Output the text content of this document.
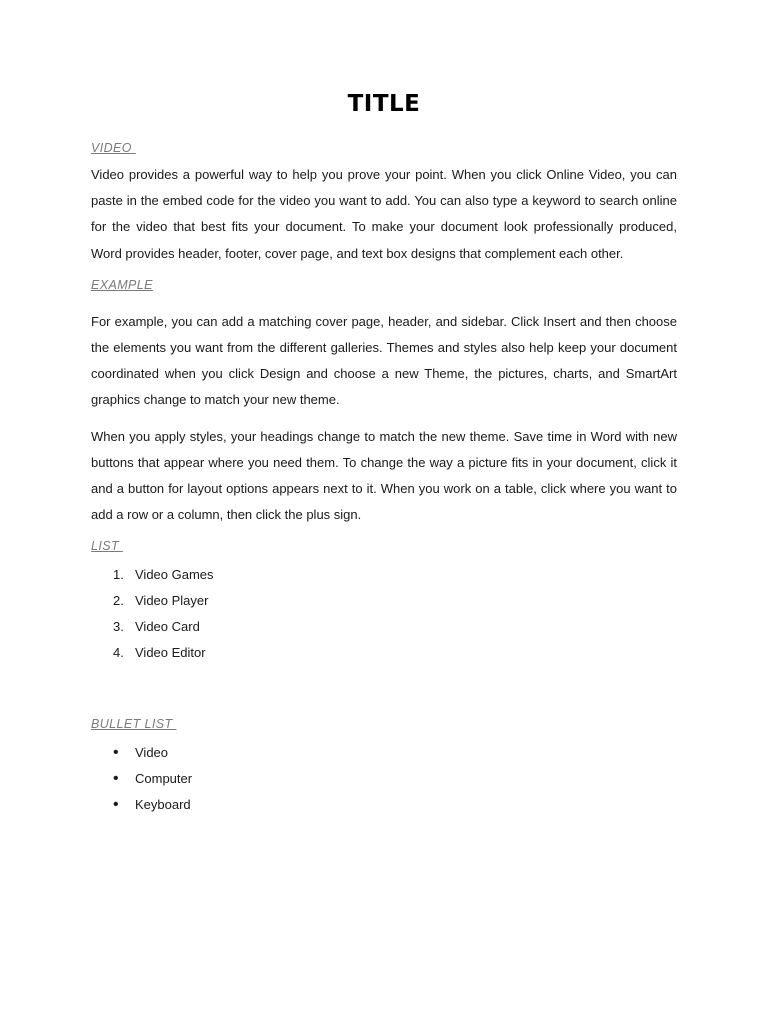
TITLE
VIDEO

Video provides a powerful way to help you prove your point. When you click Online Video, you can paste in the embed code for the video you want to add. You can also type a keyword to search online for the video that best fits your document. To make your document look professionally produced, Word provides header, footer, cover page, and text box designs that complement each other.

EXAMPLE

For example, you can add a matching cover page, header, and sidebar. Click Insert and then choose the elements you want from the different galleries. Themes and styles also help keep your document coordinated when you click Design and choose a new Theme, the pictures, charts, and SmartArt graphics change to match your new theme.

When you apply styles, your headings change to match the new theme. Save time in Word with new buttons that appear where you need them. To change the way a picture fits in your document, click it and a button for layout options appears next to it. When you work on a table, click where you want to add a row or a column, then click the plus sign.

LIST
1. Video Games
2. Video Player
3. Video Card
4. Video Editor
BULLET LIST
•	Video
•	Computer
•	Keyboard
